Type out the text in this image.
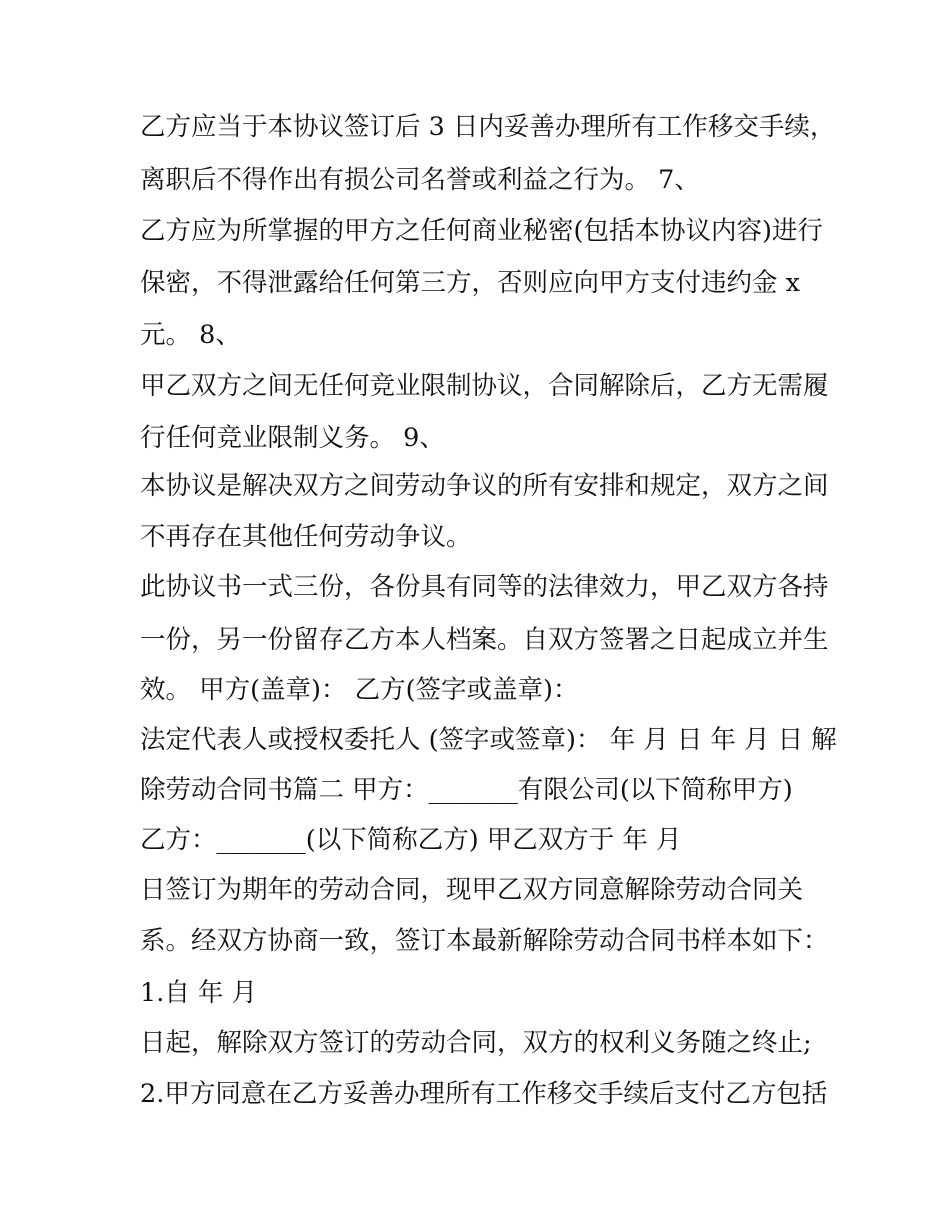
乙方应当于本协议签订后 3 日内妥善办理所有工作移交手续，
离职后不得作出有损公司名誉或利益之行为。 7、
乙方应为所掌握的甲方之任何商业秘密(包括本协议内容)进行
保密，不得泄露给任何第三方，否则应向甲方支付违约金 x
元。 8、
甲乙双方之间无任何竞业限制协议，合同解除后，乙方无需履
行任何竞业限制义务。 9、
本协议是解决双方之间劳动争议的所有安排和规定，双方之间
不再存在其他任何劳动争议。
此协议书一式三份，各份具有同等的法律效力，甲乙双方各持
一份，另一份留存乙方本人档案。自双方签署之日起成立并生
效。 甲方(盖章)： 乙方(签字或盖章)：
法定代表人或授权委托人 (签字或签章)： 年 月 日 年 月 日 解
除劳动合同书篇二 甲方：_______有限公司(以下简称甲方)
乙方：_______(以下简称乙方) 甲乙双方于 年 月
日签订为期年的劳动合同，现甲乙双方同意解除劳动合同关
系。经双方协商一致，签订本最新解除劳动合同书样本如下：
1.自 年 月
日起，解除双方签订的劳动合同，双方的权利义务随之终止;
2.甲方同意在乙方妥善办理所有工作移交手续后支付乙方包括
